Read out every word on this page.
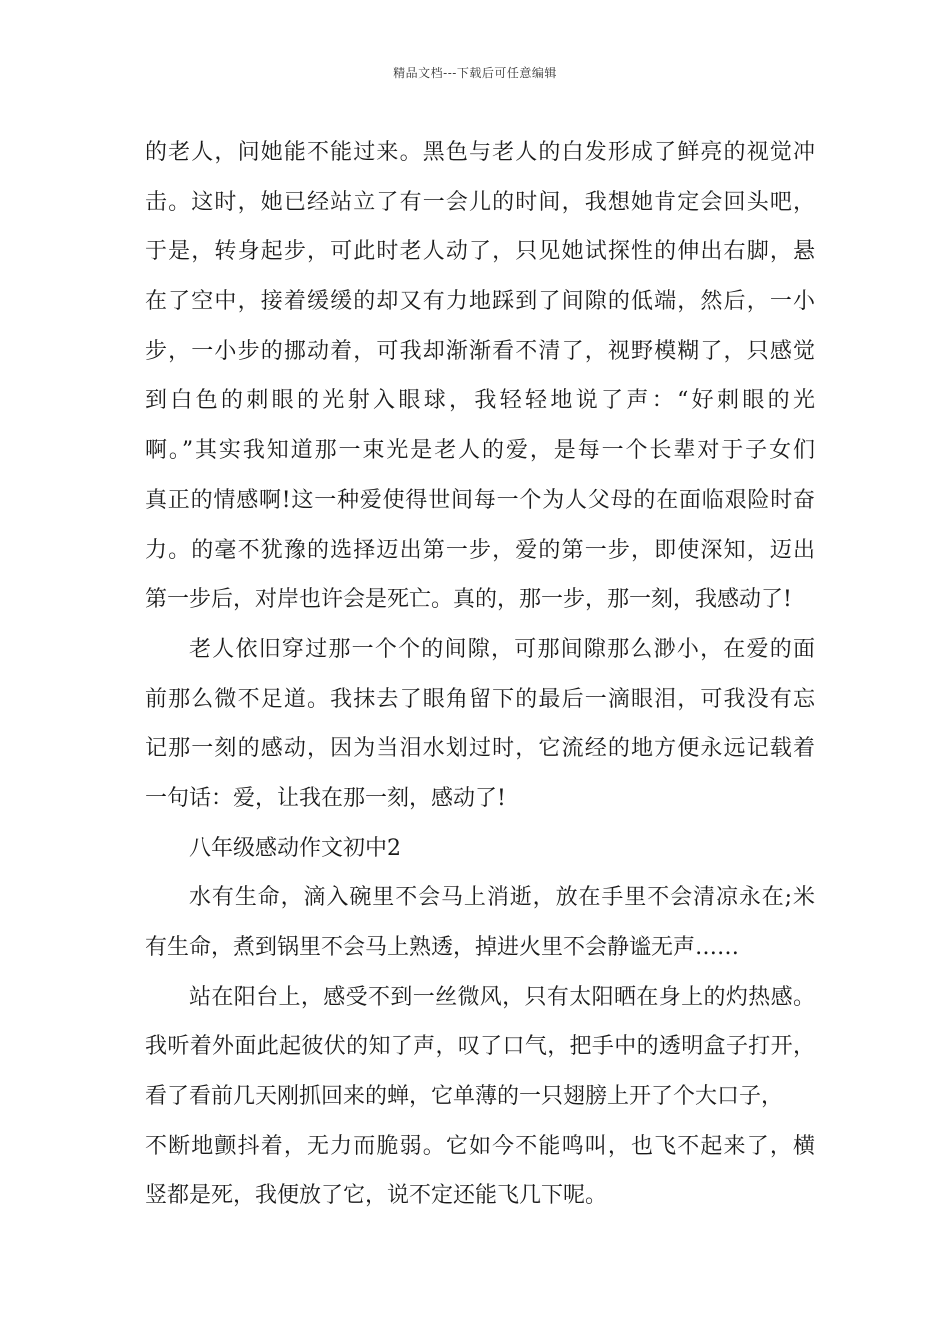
精品文档---下载后可任意编辑
的老人，问她能不能过来。黑色与老人的白发形成了鲜亮的视觉冲
击。这时，她已经站立了有一会儿的时间，我想她肯定会回头吧，
于是，转身起步，可此时老人动了，只见她试探性的伸出右脚，悬
在了空中，接着缓缓的却又有力地踩到了间隙的低端，然后，一小
步，一小步的挪动着，可我却渐渐看不清了，视野模糊了，只感觉
到白色的刺眼的光射入眼球，我轻轻地说了声：“好刺眼的光
啊。”其实我知道那一束光是老人的爱，是每一个长辈对于子女们
真正的情感啊!这一种爱使得世间每一个为人父母的在面临艰险时奋
力。的毫不犹豫的选择迈出第一步，爱的第一步，即使深知，迈出
第一步后，对岸也许会是死亡。真的，那一步，那一刻，我感动了!
老人依旧穿过那一个个的间隙，可那间隙那么渺小，在爱的面
前那么微不足道。我抹去了眼角留下的最后一滴眼泪，可我没有忘
记那一刻的感动，因为当泪水划过时，它流经的地方便永远记载着
一句话：爱，让我在那一刻，感动了!
八年级感动作文初中2
水有生命，滴入碗里不会马上消逝，放在手里不会清凉永在;米
有生命，煮到锅里不会马上熟透，掉进火里不会静谧无声……
站在阳台上，感受不到一丝微风，只有太阳晒在身上的灼热感。
我听着外面此起彼伏的知了声，叹了口气，把手中的透明盒子打开，
看了看前几天刚抓回来的蝉，它单薄的一只翅膀上开了个大口子，
不断地颤抖着，无力而脆弱。它如今不能鸣叫，也飞不起来了，横
竖都是死，我便放了它，说不定还能飞几下呢。
